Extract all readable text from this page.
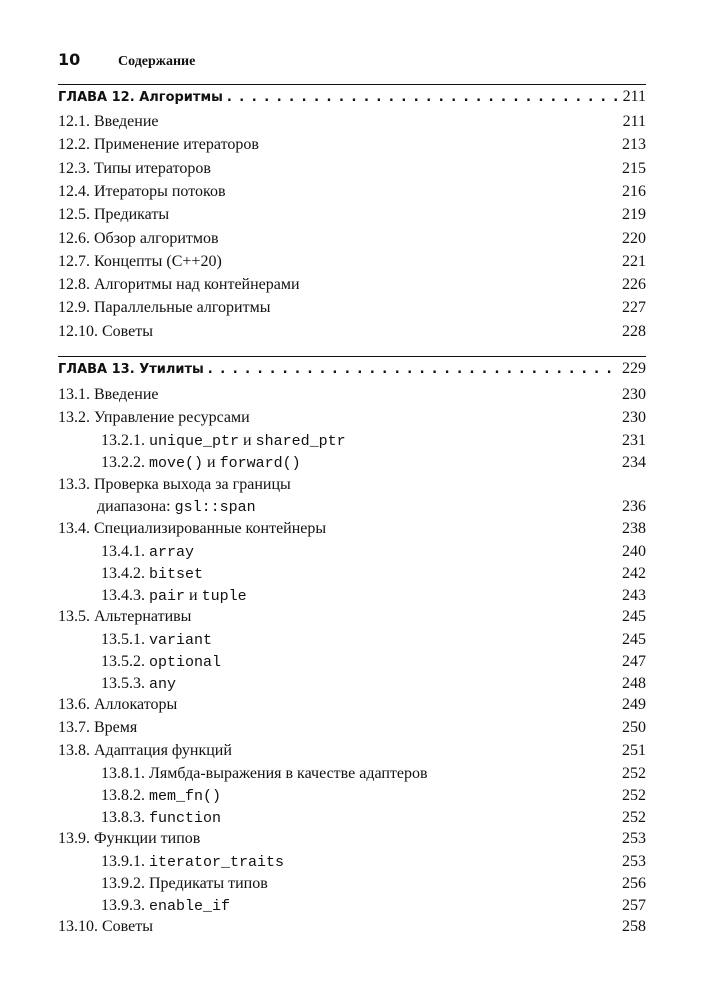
10	Содержание
ГЛАВА 12. Алгоритмы . . .	211
12.1. Введение	211
12.2. Применение итераторов	213
12.3. Типы итераторов	215
12.4. Итераторы потоков	216
12.5. Предикаты	219
12.6. Обзор алгоритмов	220
12.7. Концепты (C++20)	221
12.8. Алгоритмы над контейнерами	226
12.9. Параллельные алгоритмы	227
12.10. Советы	228
ГЛАВА 13. Утилиты . . .	229
13.1. Введение	230
13.2. Управление ресурсами	230
13.2.1. unique_ptr и shared_ptr	231
13.2.2. move() и forward()	234
13.3. Проверка выхода за границы
диапазона: gsl::span	236
13.4. Специализированные контейнеры	238
13.4.1. array	240
13.4.2. bitset	242
13.4.3. pair и tuple	243
13.5. Альтернативы	245
13.5.1. variant	245
13.5.2. optional	247
13.5.3. any	248
13.6. Аллокаторы	249
13.7. Время	250
13.8. Адаптация функций	251
13.8.1. Лямбда-выражения в качестве адаптеров	252
13.8.2. mem_fn()	252
13.8.3. function	252
13.9. Функции типов	253
13.9.1. iterator_traits	253
13.9.2. Предикаты типов	256
13.9.3. enable_if	257
13.10. Советы	258
